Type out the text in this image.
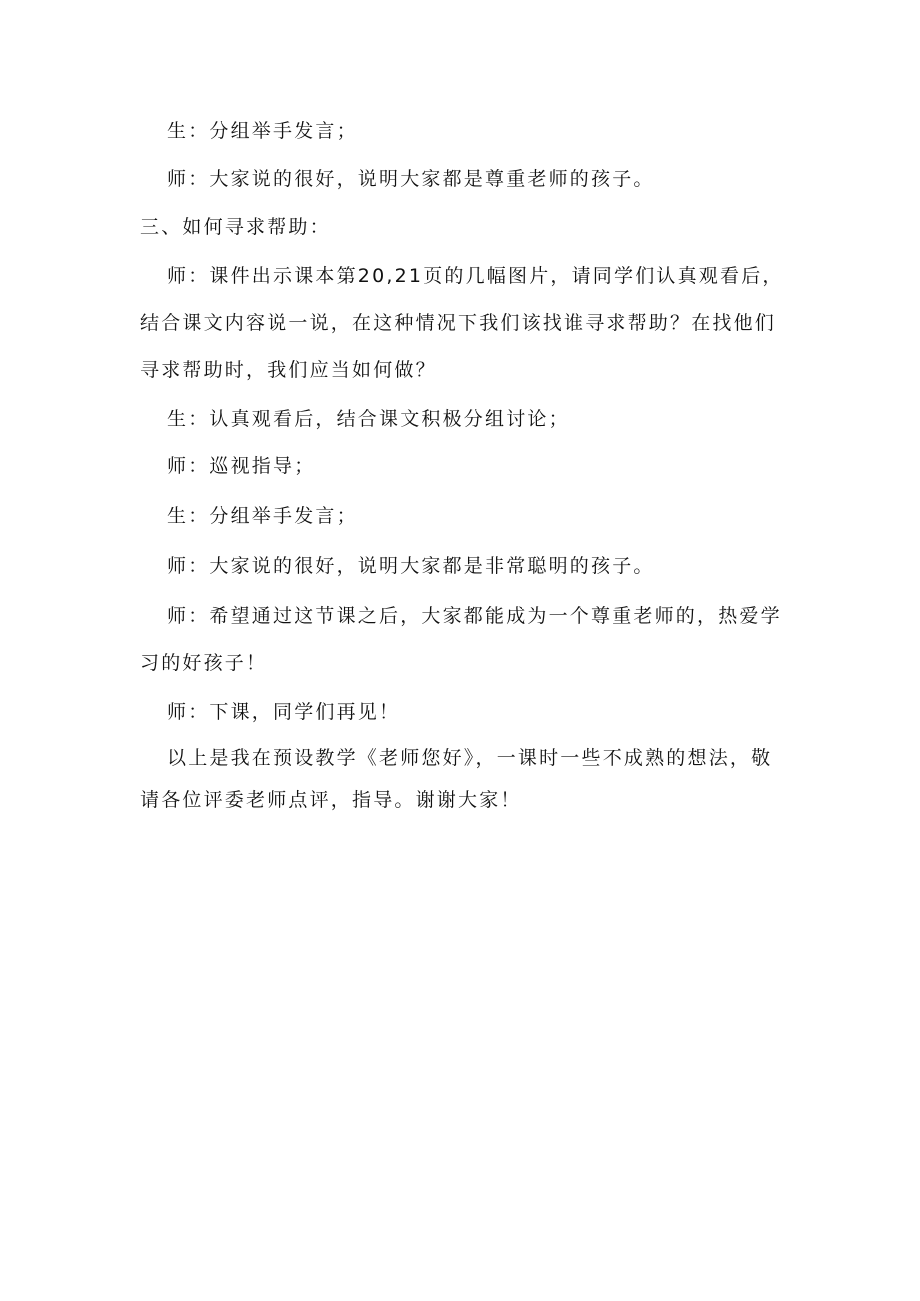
生：分组举手发言；

师：大家说的很好，说明大家都是尊重老师的孩子。

三、如何寻求帮助：

师：课件出示课本第20,21页的几幅图片，请同学们认真观看后，结合课文内容说一说，在这种情况下我们该找谁寻求帮助？在找他们寻求帮助时，我们应当如何做？

生：认真观看后，结合课文积极分组讨论；

师：巡视指导；

生：分组举手发言；

师：大家说的很好，说明大家都是非常聪明的孩子。

师：希望通过这节课之后，大家都能成为一个尊重老师的，热爱学习的好孩子！

师：下课，同学们再见！

以上是我在预设教学《老师您好》，一课时一些不成熟的想法，敬请各位评委老师点评，指导。谢谢大家！
